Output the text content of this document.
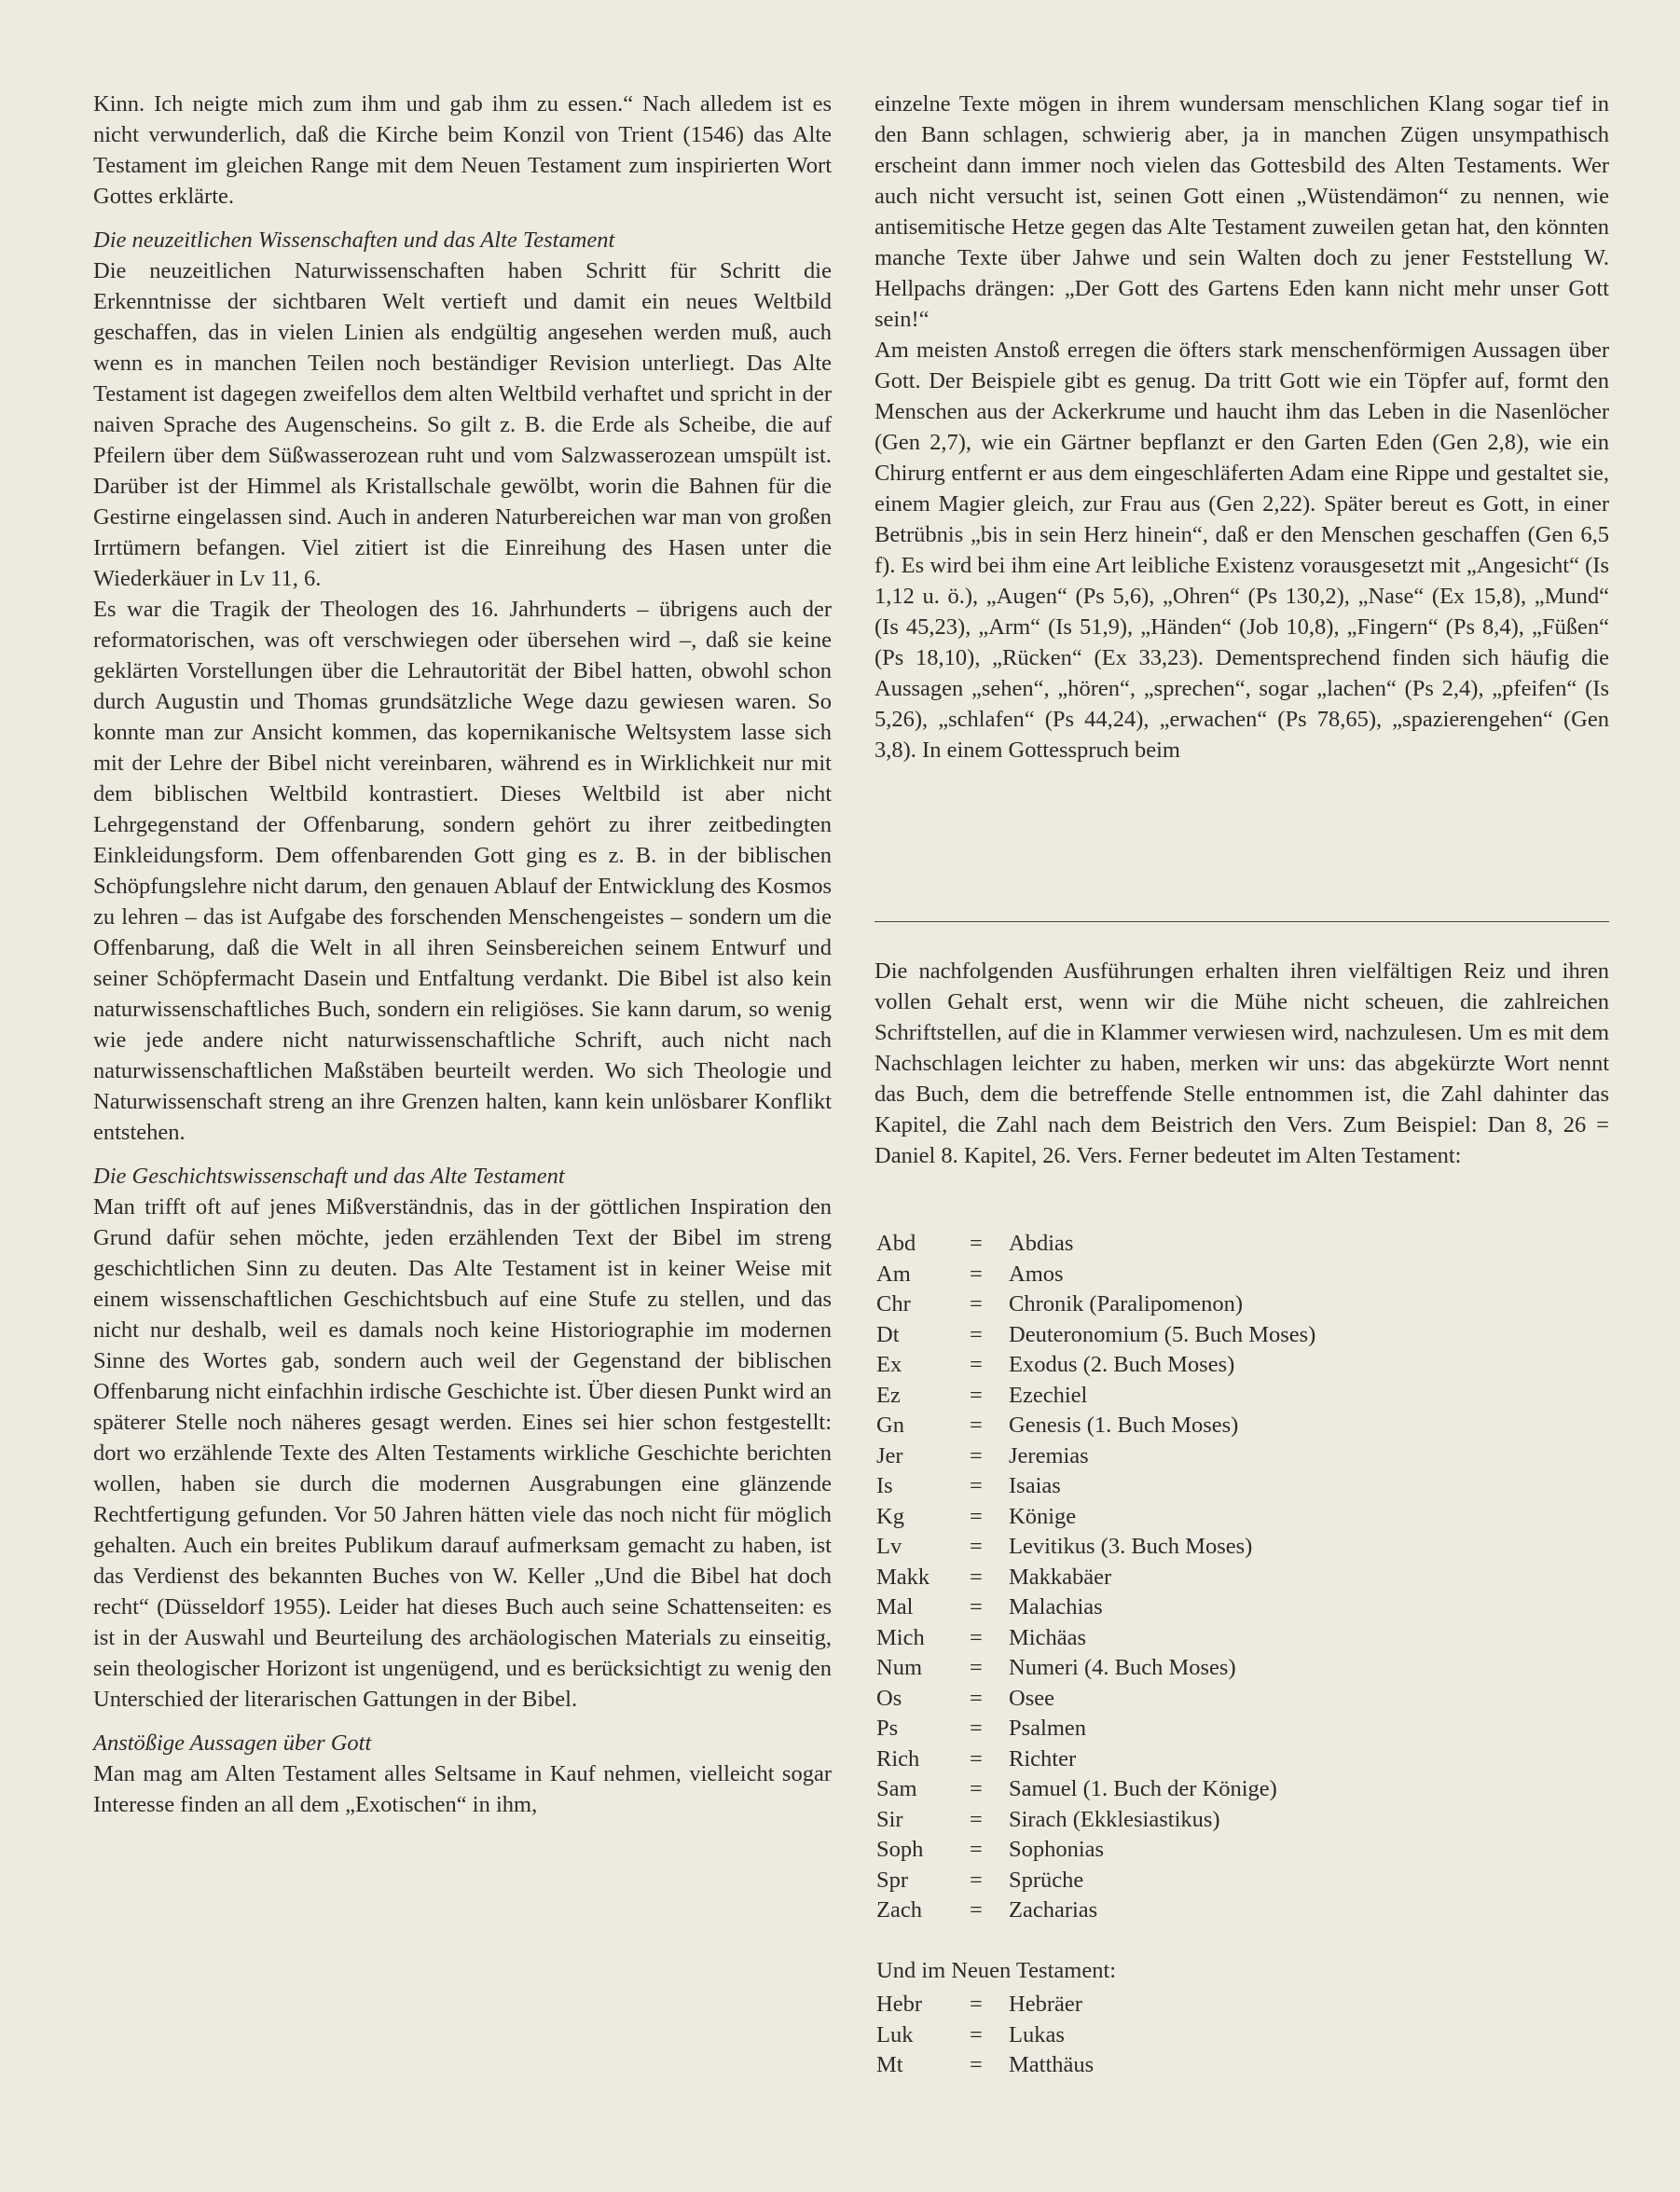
Kinn. Ich neigte mich zum ihm und gab ihm zu essen.“ Nach alledem ist es nicht verwunderlich, daß die Kirche beim Konzil von Trient (1546) das Alte Testament im gleichen Range mit dem Neuen Testament zum inspirierten Wort Gottes erklärte.

Die neuzeitlichen Wissenschaften und das Alte Testament

Die neuzeitlichen Naturwissenschaften haben Schritt für Schritt die Erkenntnisse der sichtbaren Welt vertieft und damit ein neues Weltbild geschaffen, das in vielen Linien als endgültig angesehen werden muß, auch wenn es in manchen Teilen noch beständiger Revision unterliegt. Das Alte Testament ist dagegen zweifellos dem alten Weltbild verhaftet und spricht in der naiven Sprache des Augenscheins. So gilt z. B. die Erde als Scheibe, die auf Pfeilern über dem Süßwasserozean ruht und vom Salzwasserozean umspült ist. Darüber ist der Himmel als Kristallschale gewölbt, worin die Bahnen für die Gestirne eingelassen sind. Auch in anderen Naturbereichen war man von großen Irrtümern befangen. Viel zitiert ist die Einreihung des Hasen unter die Wiederkäuer in Lv 11, 6.

Es war die Tragik der Theologen des 16. Jahrhunderts – übrigens auch der reformatorischen, was oft verschwiegen oder übersehen wird –, daß sie keine geklärten Vorstellungen über die Lehrautorität der Bibel hatten, obwohl schon durch Augustin und Thomas grundsätzliche Wege dazu gewiesen waren. So konnte man zur Ansicht kommen, das kopernikanische Weltsystem lasse sich mit der Lehre der Bibel nicht vereinbaren, während es in Wirklichkeit nur mit dem biblischen Weltbild kontrastiert. Dieses Weltbild ist aber nicht Lehrgegenstand der Offenbarung, sondern gehört zu ihrer zeitbedingten Einkleidungsform. Dem offenbarenden Gott ging es z. B. in der biblischen Schöpfungslehre nicht darum, den genauen Ablauf der Entwicklung des Kosmos zu lehren – das ist Aufgabe des forschenden Menschengeistes – sondern um die Offenbarung, daß die Welt in all ihren Seinsbereichen seinem Entwurf und seiner Schöpfermacht Dasein und Entfaltung verdankt. Die Bibel ist also kein naturwissenschaftliches Buch, sondern ein religiöses. Sie kann darum, so wenig wie jede andere nicht naturwissenschaftliche Schrift, auch nicht nach naturwissenschaftlichen Maßstäben beurteilt werden. Wo sich Theologie und Naturwissenschaft streng an ihre Grenzen halten, kann kein unlösbarer Konflikt entstehen.

Die Geschichtswissenschaft und das Alte Testament

Man trifft oft auf jenes Mißverständnis, das in der göttlichen Inspiration den Grund dafür sehen möchte, jeden erzählenden Text der Bibel im streng geschichtlichen Sinn zu deuten. Das Alte Testament ist in keiner Weise mit einem wissenschaftlichen Geschichtsbuch auf eine Stufe zu stellen, und das nicht nur deshalb, weil es damals noch keine Historiographie im modernen Sinne des Wortes gab, sondern auch weil der Gegenstand der biblischen Offenbarung nicht einfachhin irdische Geschichte ist. Über diesen Punkt wird an späterer Stelle noch näheres gesagt werden. Eines sei hier schon festgestellt: dort wo erzählende Texte des Alten Testaments wirkliche Geschichte berichten wollen, haben sie durch die modernen Ausgrabungen eine glänzende Rechtfertigung gefunden. Vor 50 Jahren hätten viele das noch nicht für möglich gehalten. Auch ein breites Publikum darauf aufmerksam gemacht zu haben, ist das Verdienst des bekannten Buches von W. Keller „Und die Bibel hat doch recht“ (Düsseldorf 1955). Leider hat dieses Buch auch seine Schattenseiten: es ist in der Auswahl und Beurteilung des archäologischen Materials zu einseitig, sein theologischer Horizont ist ungenügend, und es berücksichtigt zu wenig den Unterschied der literarischen Gattungen in der Bibel.

Anstößige Aussagen über Gott

Man mag am Alten Testament alles Seltsame in Kauf nehmen, vielleicht sogar Interesse finden an all dem „Exotischen“ in ihm,

einzelne Texte mögen in ihrem wundersam menschlichen Klang sogar tief in den Bann schlagen, schwierig aber, ja in manchen Zügen unsympathisch erscheint dann immer noch vielen das Gottesbild des Alten Testaments. Wer auch nicht versucht ist, seinen Gott einen „Wüstendämon“ zu nennen, wie antisemitische Hetze gegen das Alte Testament zuweilen getan hat, den könnten manche Texte über Jahwe und sein Walten doch zu jener Feststellung W. Hellpachs drängen: „Der Gott des Gartens Eden kann nicht mehr unser Gott sein!“

Am meisten Anstoß erregen die öfters stark menschenförmigen Aussagen über Gott. Der Beispiele gibt es genug. Da tritt Gott wie ein Töpfer auf, formt den Menschen aus der Ackerkrume und haucht ihm das Leben in die Nasenlöcher (Gen 2,7), wie ein Gärtner bepflanzt er den Garten Eden (Gen 2,8), wie ein Chirurg entfernt er aus dem eingeschläferten Adam eine Rippe und gestaltet sie, einem Magier gleich, zur Frau aus (Gen 2,22). Später bereut es Gott, in einer Betrübnis „bis in sein Herz hinein“, daß er den Menschen geschaffen (Gen 6,5 f). Es wird bei ihm eine Art leibliche Existenz vorausgesetzt mit „Angesicht“ (Is 1,12 u. ö.), „Augen“ (Ps 5,6), „Ohren“ (Ps 130,2), „Nase“ (Ex 15,8), „Mund“ (Is 45,23), „Arm“ (Is 51,9), „Händen“ (Job 10,8), „Fingern“ (Ps 8,4), „Füßen“ (Ps 18,10), „Rücken“ (Ex 33,23). Dementsprechend finden sich häufig die Aussagen „sehen“, „hören“, „sprechen“, sogar „lachen“ (Ps 2,4), „pfeifen“ (Is 5,26), „schlafen“ (Ps 44,24), „erwachen“ (Ps 78,65), „spazierengehen“ (Gen 3,8). In einem Gottesspruch beim

Die nachfolgenden Ausführungen erhalten ihren vielfältigen Reiz und ihren vollen Gehalt erst, wenn wir die Mühe nicht scheuen, die zahlreichen Schriftstellen, auf die in Klammer verwiesen wird, nachzulesen. Um es mit dem Nachschlagen leichter zu haben, merken wir uns: das abgekürzte Wort nennt das Buch, dem die betreffende Stelle entnommen ist, die Zahl dahinter das Kapitel, die Zahl nach dem Beistrich den Vers. Zum Beispiel: Dan 8, 26 = Daniel 8. Kapitel, 26. Vers. Ferner bedeutet im Alten Testament:

Abd	=	Abdias
Am	=	Amos
Chr	=	Chronik (Paralipomenon)
Dt	=	Deuteronomium (5. Buch Moses)
Ex	=	Exodus (2. Buch Moses)
Ez	=	Ezechiel
Gn	=	Genesis (1. Buch Moses)
Jer	=	Jeremias
Is	=	Isaias
Kg	=	Könige
Lv	=	Levitikus (3. Buch Moses)
Makk	=	Makkabäer
Mal	=	Malachias
Mich	=	Michäas
Num	=	Numeri (4. Buch Moses)
Os	=	Osee
Ps	=	Psalmen
Rich	=	Richter
Sam	=	Samuel (1. Buch der Könige)
Sir	=	Sirach (Ekklesiastikus)
Soph	=	Sophonias
Spr	=	Sprüche
Zach	=	Zacharias
Und im Neuen Testament:
Hebr	=	Hebräer
Luk	=	Lukas
Mt	=	Matthäus
